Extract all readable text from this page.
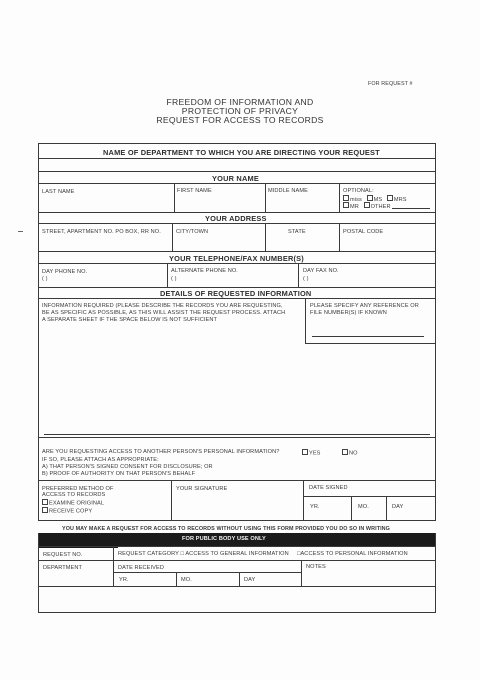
FOR REQUEST #
FREEDOM OF INFORMATION AND
PROTECTION OF PRIVACY
REQUEST FOR ACCESS TO RECORDS
NAME OF DEPARTMENT TO WHICH YOU ARE DIRECTING YOUR REQUEST
YOUR NAME
LAST NAME	FIRST NAME	MIDDLE NAME	OPTIONAL:
miss MS MRS
MR OTHER
YOUR ADDRESS
STREET, APARTMENT NO. PO BOX, RR NO.	CITY/TOWN	STATE	POSTAL CODE
YOUR TELEPHONE/FAX NUMBER(S)
DAY PHONE NO.
( )
ALTERNATE PHONE NO.
( )
DAY FAX NO.
( )
DETAILS OF REQUESTED INFORMATION
INFORMATION REQUIRED (PLEASE DESCRIBE THE RECORDS YOU ARE REQUESTING,
BE AS SPECIFIC AS POSSIBLE, AS THIS WILL ASSIST THE REQUEST PROCESS. ATTACH
A SEPARATE SHEET IF THE SPACE BELOW IS NOT SUFFICIENT
PLEASE SPECIFY ANY REFERENCE OR
FILE NUMBER(S) IF KNOWN
ARE YOU REQUESTING ACCESS TO ANOTHER PERSON'S PERSONAL INFORMATION?	YES	NO
IF SO, PLEASE ATTACH AS APPROPRIATE:
A) THAT PERSON'S SIGNED CONSENT FOR DISCLOSURE; OR
B) PROOF OF AUTHORITY ON THAT PERSON'S BEHALF
PREFERRED METHOD OF
ACCESS TO RECORDS
EXAMINE ORIGINAL
RECEIVE COPY
YOUR SIGNATURE	DATE SIGNED
YR.	MO.	DAY
YOU MAY MAKE A REQUEST FOR ACCESS TO RECORDS WITHOUT USING THIS FORM PROVIDED YOU DO SO IN WRITING
FOR PUBLIC BODY USE ONLY
REQUEST NO.	REQUEST CATEGORY □ ACCESS TO GENERAL INFORMATION □ACCESS TO PERSONAL INFORMATION
DEPARTMENT	DATE RECEIVED	NOTES
YR.	MO.	DAY
